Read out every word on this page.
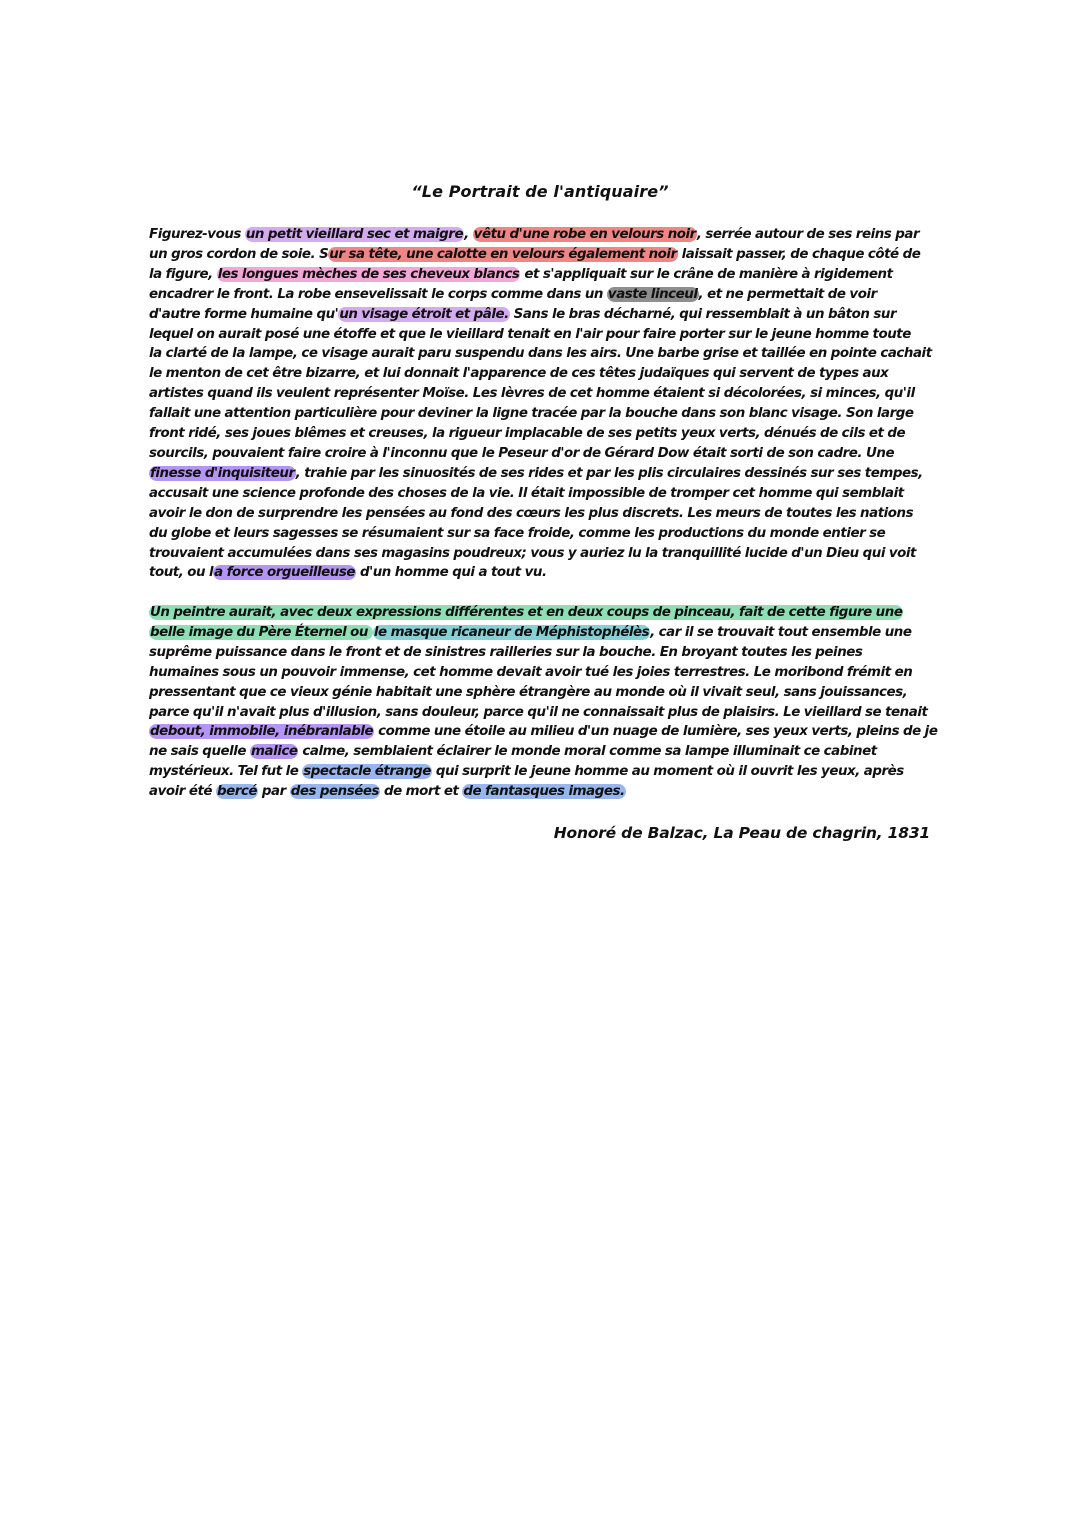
“Le Portrait de l'antiquaire”
Figurez-vous un petit vieillard sec et maigre, vêtu d'une robe en velours noir, serrée autour de ses reins par
un gros cordon de soie. Sur sa tête, une calotte en velours également noir laissait passer, de chaque côté de
la figure, les longues mèches de ses cheveux blancs et s'appliquait sur le crâne de manière à rigidement
encadrer le front. La robe ensevelissait le corps comme dans un vaste linceul, et ne permettait de voir
d'autre forme humaine qu'un visage étroit et pâle. Sans le bras décharné, qui ressemblait à un bâton sur
lequel on aurait posé une étoffe et que le vieillard tenait en l'air pour faire porter sur le jeune homme toute
la clarté de la lampe, ce visage aurait paru suspendu dans les airs. Une barbe grise et taillée en pointe cachait
le menton de cet être bizarre, et lui donnait l'apparence de ces têtes judaïques qui servent de types aux
artistes quand ils veulent représenter Moïse. Les lèvres de cet homme étaient si décolorées, si minces, qu'il
fallait une attention particulière pour deviner la ligne tracée par la bouche dans son blanc visage. Son large
front ridé, ses joues blêmes et creuses, la rigueur implacable de ses petits yeux verts, dénués de cils et de
sourcils, pouvaient faire croire à l'inconnu que le Peseur d'or de Gérard Dow était sorti de son cadre. Une
finesse d'inquisiteur, trahie par les sinuosités de ses rides et par les plis circulaires dessinés sur ses tempes,
accusait une science profonde des choses de la vie. Il était impossible de tromper cet homme qui semblait
avoir le don de surprendre les pensées au fond des cœurs les plus discrets. Les meurs de toutes les nations
du globe et leurs sagesses se résumaient sur sa face froide, comme les productions du monde entier se
trouvaient accumulées dans ses magasins poudreux; vous y auriez lu la tranquillité lucide d'un Dieu qui voit
tout, ou la force orgueilleuse d'un homme qui a tout vu.
Un peintre aurait, avec deux expressions différentes et en deux coups de pinceau, fait de cette figure une
belle image du Père Éternel ou le masque ricaneur de Méphistophélès, car il se trouvait tout ensemble une
suprême puissance dans le front et de sinistres railleries sur la bouche. En broyant toutes les peines
humaines sous un pouvoir immense, cet homme devait avoir tué les joies terrestres. Le moribond frémit en
pressentant que ce vieux génie habitait une sphère étrangère au monde où il vivait seul, sans jouissances,
parce qu'il n'avait plus d'illusion, sans douleur, parce qu'il ne connaissait plus de plaisirs. Le vieillard se tenait
debout, immobile, inébranlable comme une étoile au milieu d'un nuage de lumière, ses yeux verts, pleins de je
ne sais quelle malice calme, semblaient éclairer le monde moral comme sa lampe illuminait ce cabinet
mystérieux. Tel fut le spectacle étrange qui surprit le jeune homme au moment où il ouvrit les yeux, après
avoir été bercé par des pensées de mort et de fantasques images.
Honoré de Balzac, La Peau de chagrin, 1831
